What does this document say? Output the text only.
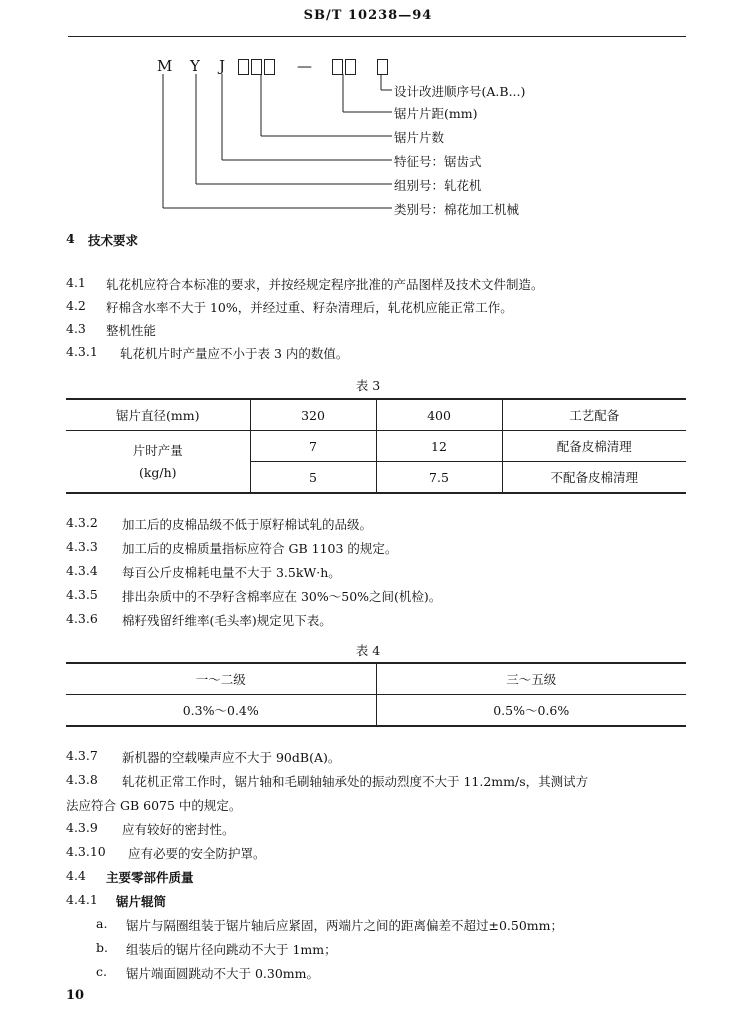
SB/T 10238—94
M Y J	—
设计改进顺序号(A.B...)
锯片片距(mm)
锯片片数
特征号：锯齿式
组别号：轧花机
类别号：棉花加工机械
4 技术要求
4.1 轧花机应符合本标准的要求，并按经规定程序批准的产品图样及技术文件制造。
4.2 籽棉含水率不大于 10%，并经过重、籽杂清理后，轧花机应能正常工作。
4.3 整机性能
4.3.1 轧花机片时产量应不小于表 3 内的数值。
表 3
锯片直径(mm)	320	400	工艺配备

片时产量
(kg/h)	7	12	配备皮棉清理
	5	7.5	不配备皮棉清理
4.3.2 加工后的皮棉品级不低于原籽棉试轧的品级。
4.3.3 加工后的皮棉质量指标应符合 GB 1103 的规定。
4.3.4 每百公斤皮棉耗电量不大于 3.5kW·h。
4.3.5 排出杂质中的不孕籽含棉率应在 30%～50%之间(机检)。
4.3.6 棉籽残留纤维率(毛头率)规定见下表。
表 4
一～二级	三～五级
0.3%～0.4%	0.5%～0.6%
4.3.7 新机器的空载噪声应不大于 90dB(A)。
4.3.8 轧花机正常工作时，锯片轴和毛刷轴轴承处的振动烈度不大于 11.2mm/s，其测试方
法应符合 GB 6075 中的规定。
4.3.9 应有较好的密封性。
4.3.10 应有必要的安全防护罩。
4.4 主要零部件质量
4.4.1 锯片辊筒
a. 锯片与隔圈组装于锯片轴后应紧固，两端片之间的距离偏差不超过±0.50mm；
b. 组装后的锯片径向跳动不大于 1mm；
c. 锯片端面圆跳动不大于 0.30mm。
10
